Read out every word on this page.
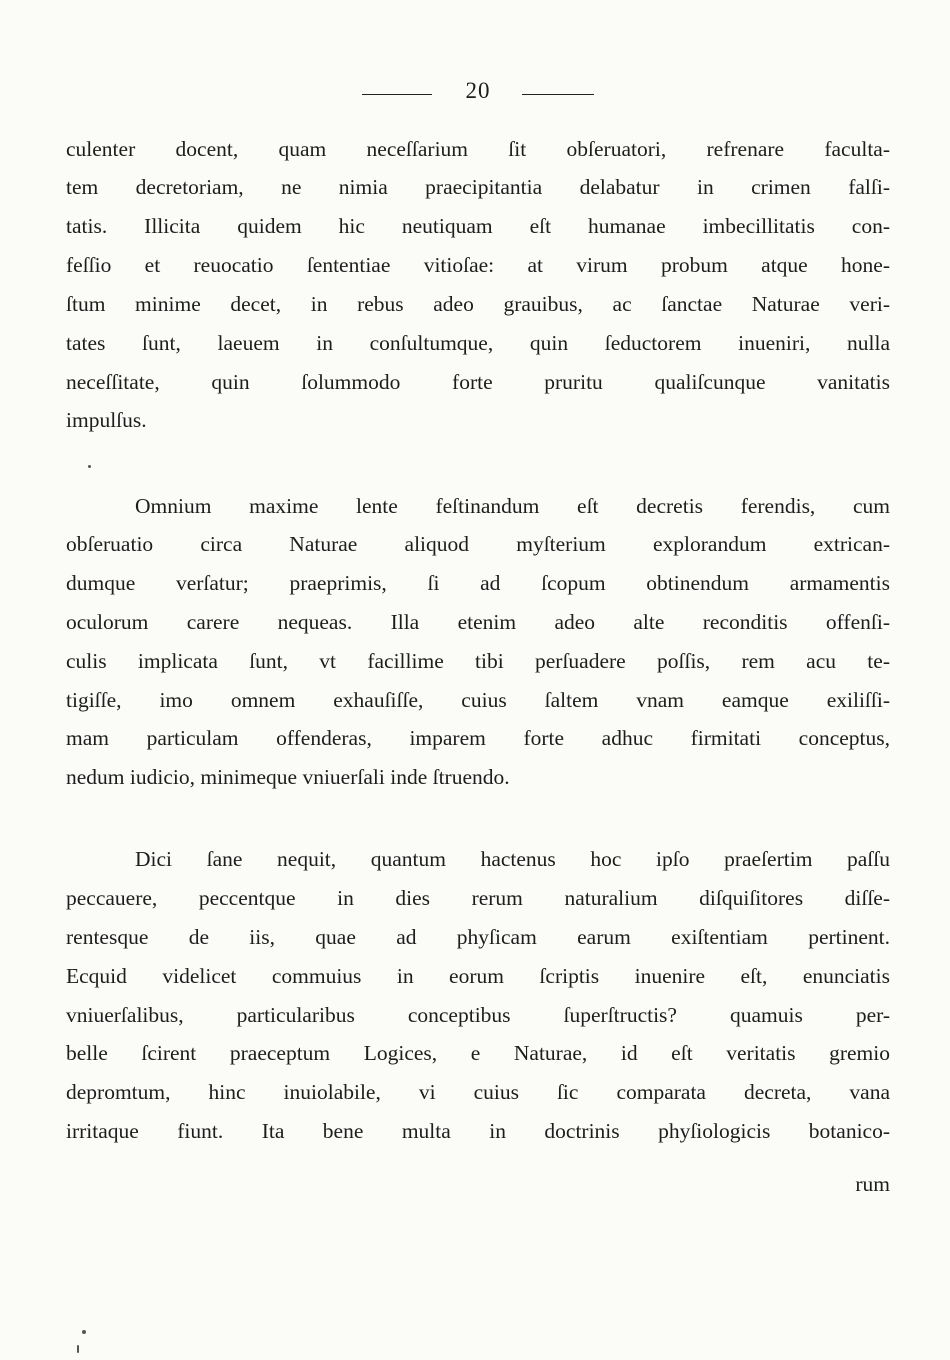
20
culenter docent, quam neceſſarium ſit obſeruatori, refrenare faculta-
tem decretoriam, ne nimia praecipitantia delabatur in crimen falſi-
tatis. Illicita quidem hic neutiquam eſt humanae imbecillitatis con-
feſſio et reuocatio ſententiae vitioſae: at virum probum atque hone-
ſtum minime decet, in rebus adeo grauibus, ac ſanctae Naturae veri-
tates ſunt, laeuem in conſultumque, quin ſeductorem inueniri, nulla
neceſſitate, quin ſolummodo forte pruritu qualiſcunque vanitatis
impulſus.
Omnium maxime lente feſtinandum eſt decretis ferendis, cum
obſeruatio circa Naturae aliquod myſterium explorandum extrican-
dumque verſatur; praeprimis, ſi ad ſcopum obtinendum armamentis
oculorum carere nequeas. Illa etenim adeo alte reconditis offenſi-
culis implicata ſunt, vt facillime tibi perſuadere poſſis, rem acu te-
tigiſſe, imo omnem exhauſiſſe, cuius ſaltem vnam eamque exiliſſi-
mam particulam offenderas, imparem forte adhuc firmitati conceptus,
nedum iudicio, minimeque vniuerſali inde ſtruendo.
Dici ſane nequit, quantum hactenus hoc ipſo praeſertim paſſu
peccauere, peccentque in dies rerum naturalium diſquiſitores diſſe-
rentesque de iis, quae ad phyſicam earum exiſtentiam pertinent.
Ecquid videlicet commuius in eorum ſcriptis inuenire eſt, enunciatis
vniuerſalibus, particularibus conceptibus ſuperſtructis? quamuis per-
belle ſcirent praeceptum Logices, e Naturae, id eſt veritatis gremio
depromtum, hinc inuiolabile, vi cuius ſic comparata decreta, vana
irritaque fiunt. Ita bene multa in doctrinis phyſiologicis botanico-
rum
